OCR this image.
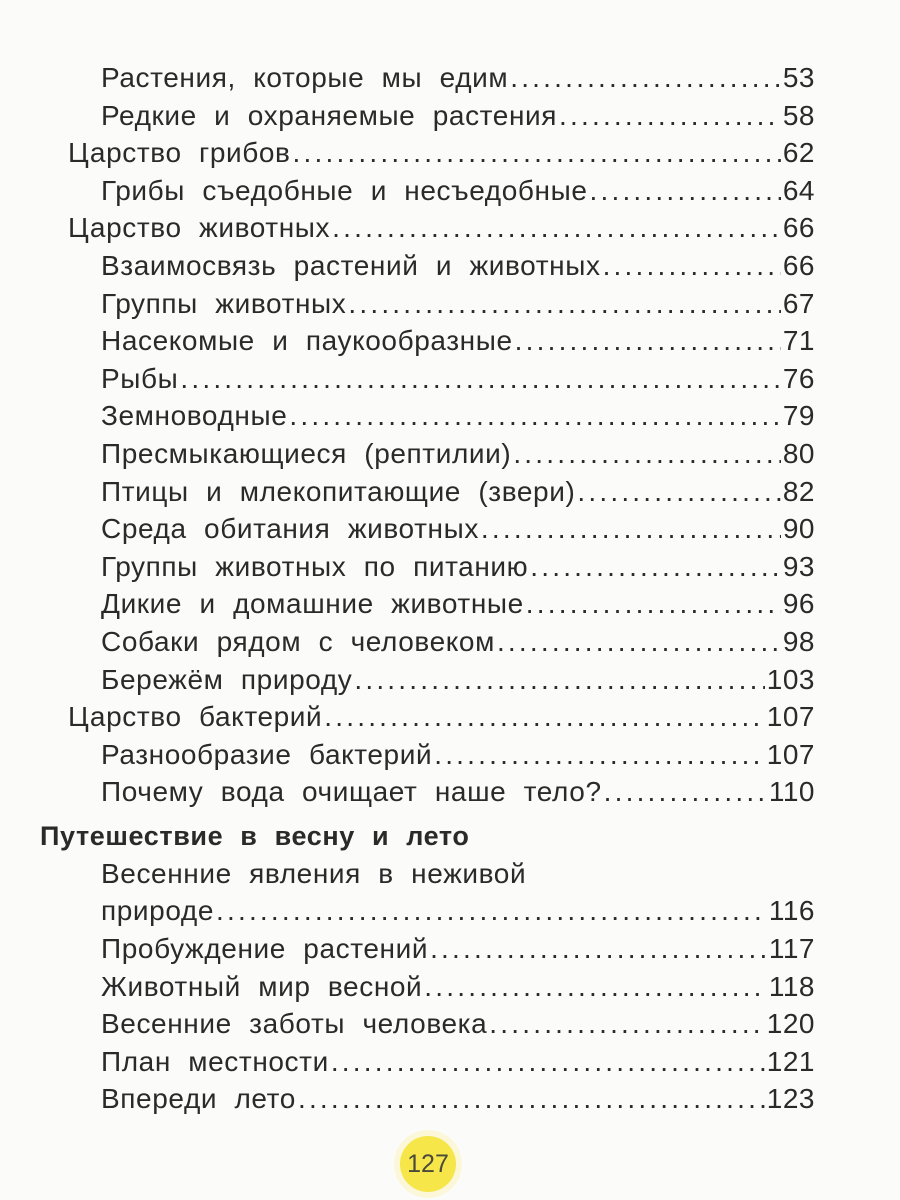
Растения, которые мы едим .....	53
Редкие и охраняемые растения .....	58
Царство грибов .....	62
Грибы съедобные и несъедобные .....	64
Царство животных .....	66
Взаимосвязь растений и животных .....	66
Группы животных .....	67
Насекомые и паукообразные .....	71
Рыбы .....	76
Земноводные .....	79
Пресмыкающиеся (рептилии) .....	80
Птицы и млекопитающие (звери) .....	82
Среда обитания животных .....	90
Группы животных по питанию .....	93
Дикие и домашние животные .....	96
Собаки рядом с человеком .....	98
Бережём природу .....	103
Царство бактерий .....	107
Разнообразие бактерий .....	107
Почему вода очищает наше тело? .....	110
Путешествие в весну и лето
Весенние явления в неживой
природе .....	116
Пробуждение растений .....	117
Животный мир весной .....	118
Весенние заботы человека .....	120
План местности .....	121
Впереди лето .....	123
127
